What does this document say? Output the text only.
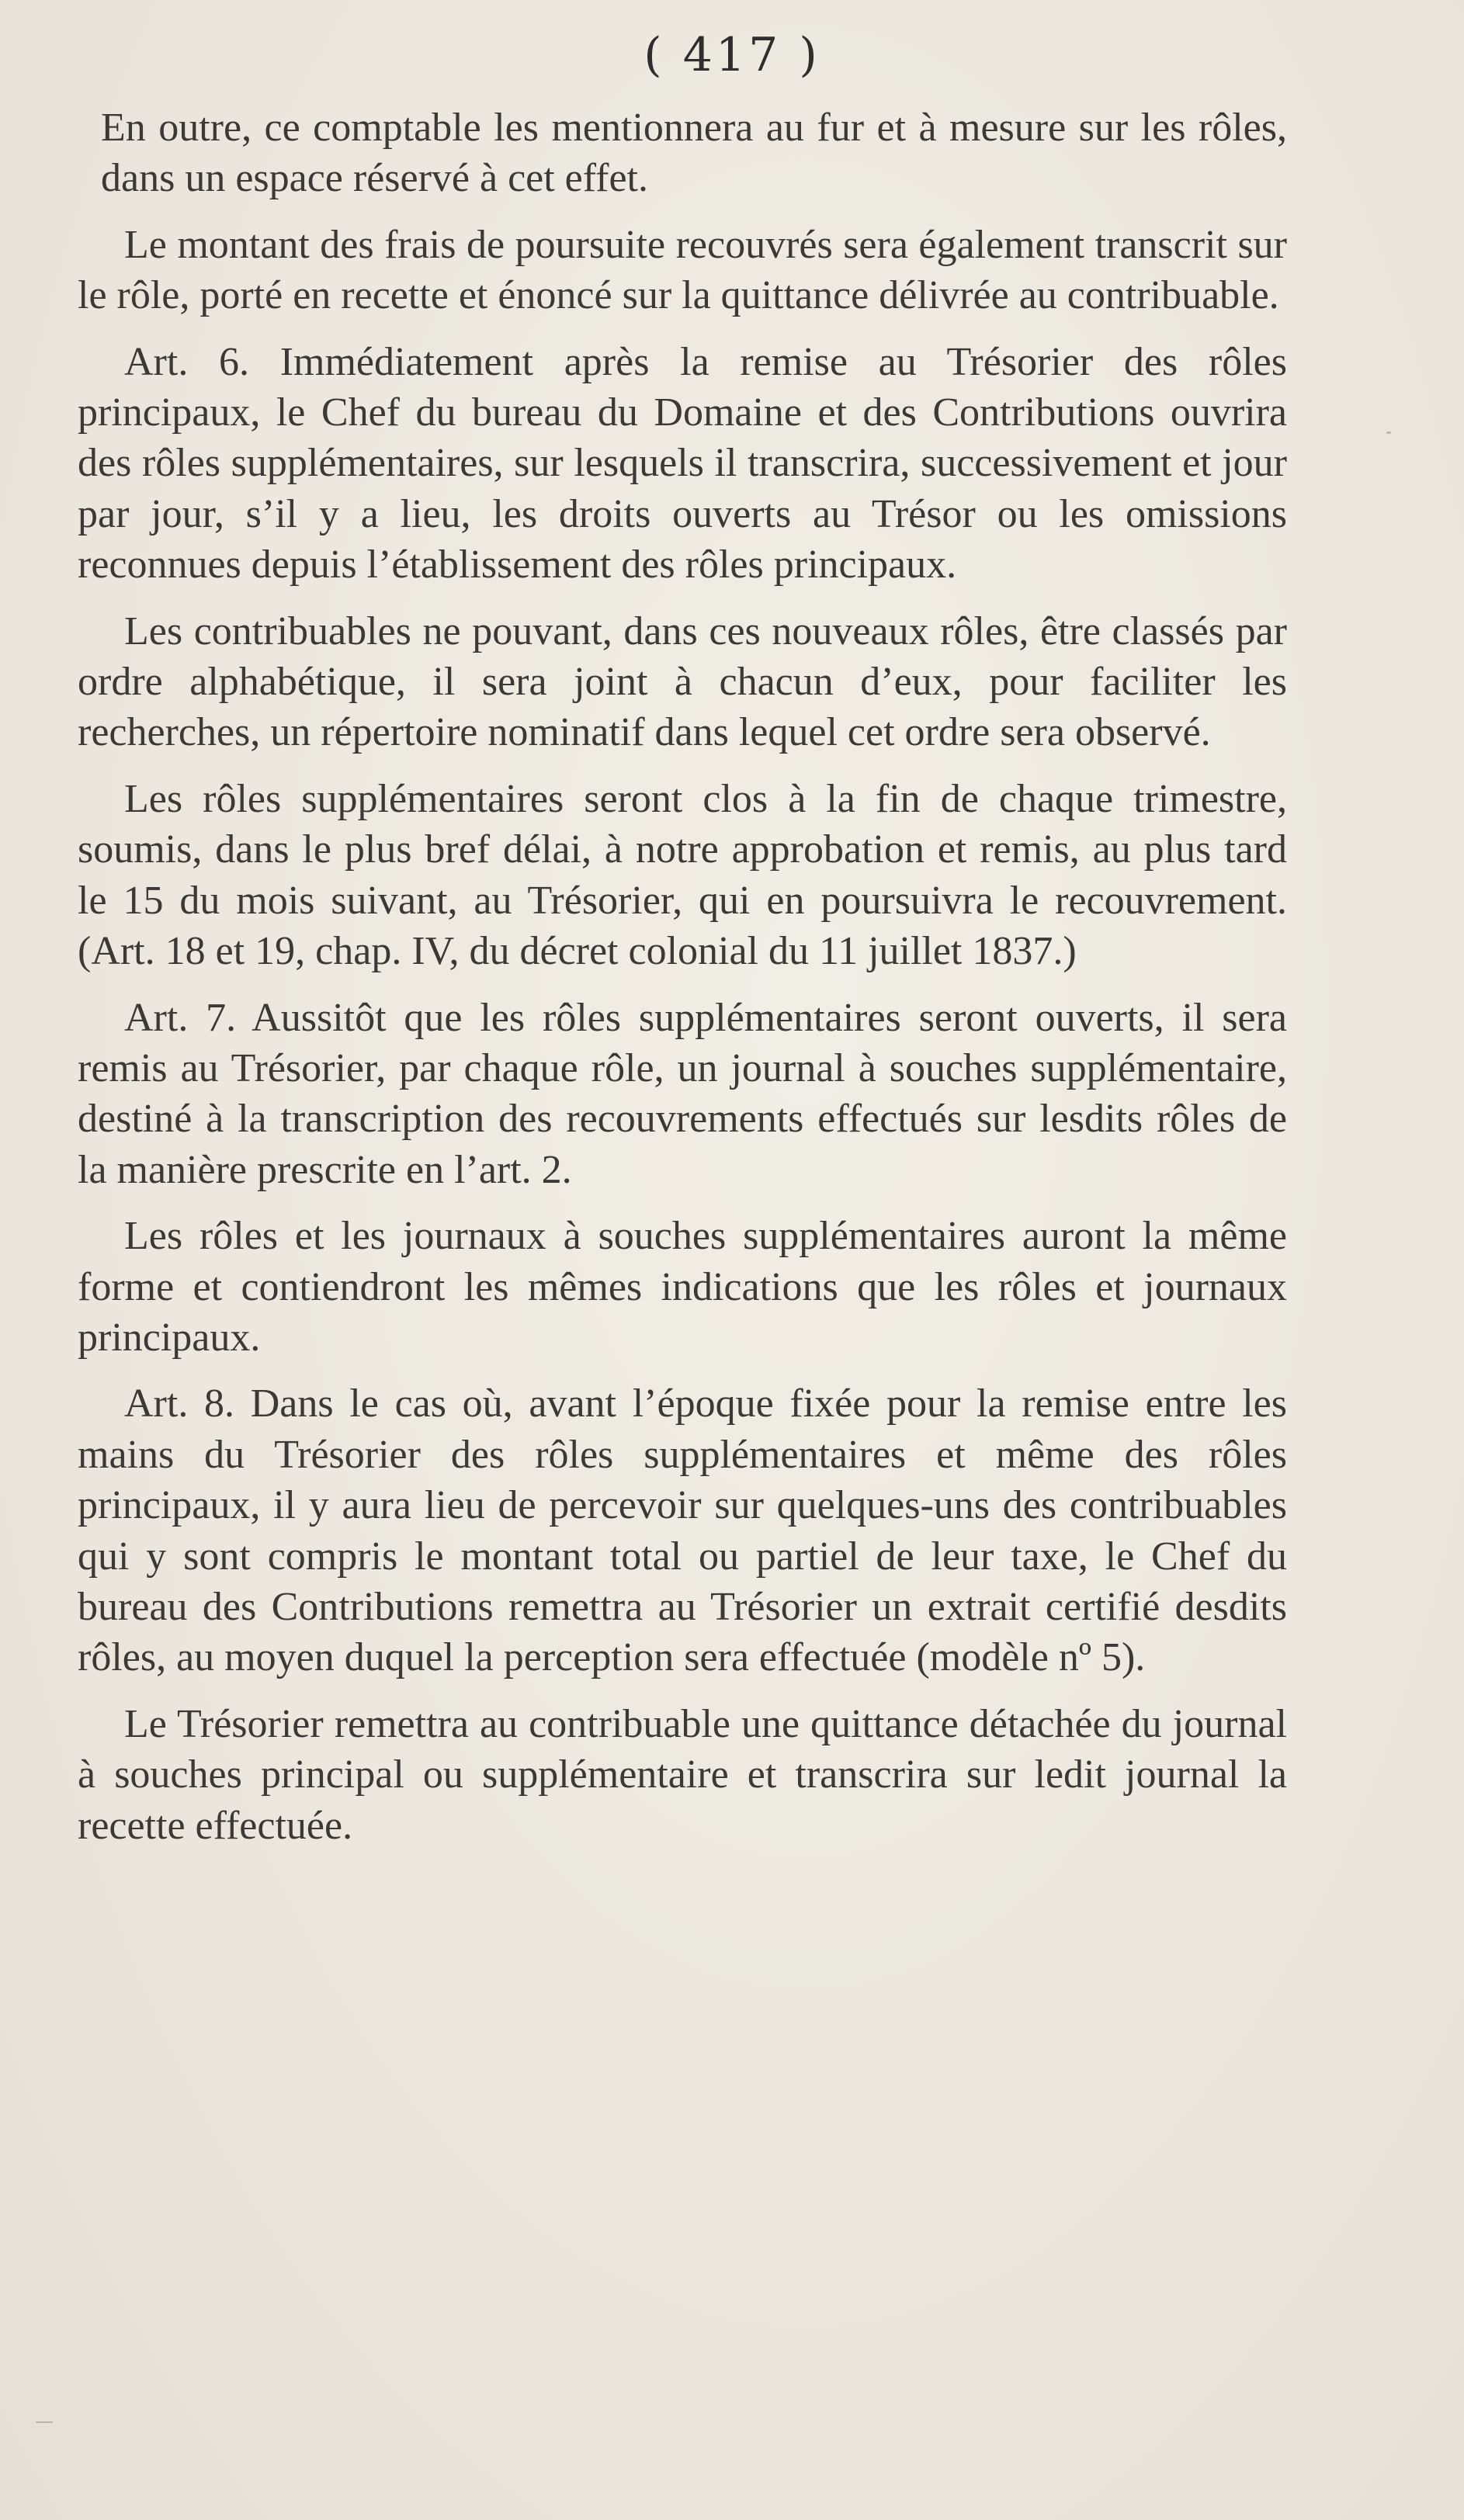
( 417 )

En outre, ce comptable les mentionnera au fur et à mesure sur les rôles, dans un espace réservé à cet effet.

Le montant des frais de poursuite recouvrés sera également transcrit sur le rôle, porté en recette et énoncé sur la quittance délivrée au contribuable.

Art. 6. Immédiatement après la remise au Trésorier des rôles principaux, le Chef du bureau du Domaine et des Contributions ouvrira des rôles supplémentaires, sur lesquels il transcrira, successivement et jour par jour, s’il y a lieu, les droits ouverts au Trésor ou les omissions reconnues depuis l’établissement des rôles principaux.

Les contribuables ne pouvant, dans ces nouveaux rôles, être classés par ordre alphabétique, il sera joint à chacun d’eux, pour faciliter les recherches, un répertoire nominatif dans lequel cet ordre sera observé.

Les rôles supplémentaires seront clos à la fin de chaque trimestre, soumis, dans le plus bref délai, à notre approbation et remis, au plus tard le 15 du mois suivant, au Trésorier, qui en poursuivra le recouvrement. (Art. 18 et 19, chap. IV, du décret colonial du 11 juillet 1837.)

Art. 7. Aussitôt que les rôles supplémentaires seront ouverts, il sera remis au Trésorier, par chaque rôle, un journal à souches supplémentaire, destiné à la transcription des recouvrements effectués sur lesdits rôles de la manière prescrite en l’art. 2.

Les rôles et les journaux à souches supplémentaires auront la même forme et contiendront les mêmes indications que les rôles et journaux principaux.

Art. 8. Dans le cas où, avant l’époque fixée pour la remise entre les mains du Trésorier des rôles supplémentaires et même des rôles principaux, il y aura lieu de percevoir sur quelques-uns des contribuables qui y sont compris le montant total ou partiel de leur taxe, le Chef du bureau des Contributions remettra au Trésorier un extrait certifié desdits rôles, au moyen duquel la perception sera effectuée (modèle nº 5).

Le Trésorier remettra au contribuable une quittance détachée du journal à souches principal ou supplémentaire et transcrira sur ledit journal la recette effectuée.
